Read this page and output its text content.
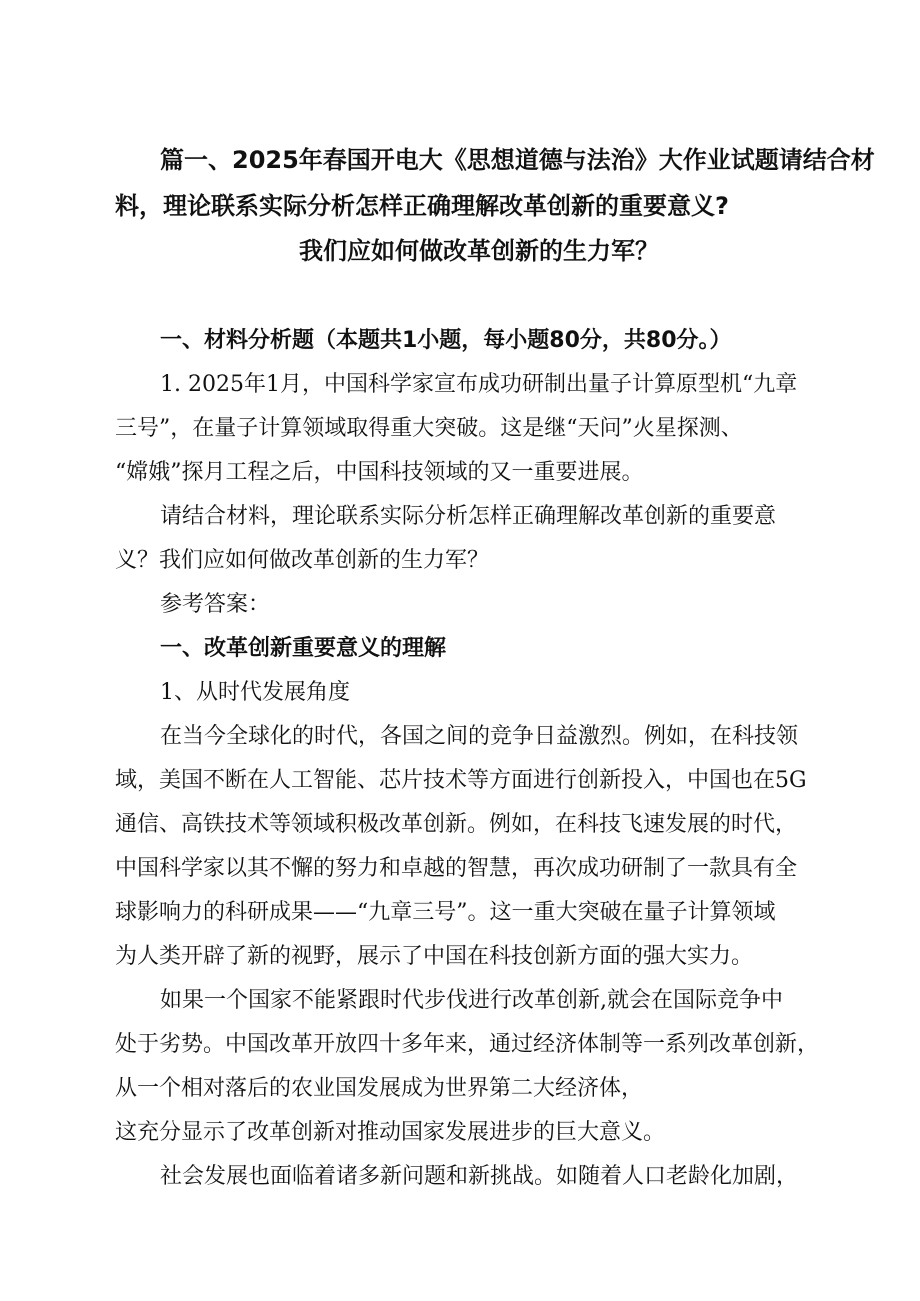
篇一、2025年春国开电大《思想道德与法治》大作业试题请结合材
料，理论联系实际分析怎样正确理解改革创新的重要意义?
我们应如何做改革创新的生力军？
一、材料分析题（本题共1小题，每小题80分，共80分。）
1. 2025年1月，中国科学家宣布成功研制出量子计算原型机“九章
三号”，在量子计算领域取得重大突破。这是继“天问”火星探测、
“嫦娥”探月工程之后，中国科技领域的又一重要进展。
请结合材料，理论联系实际分析怎样正确理解改革创新的重要意
义？我们应如何做改革创新的生力军？
参考答案：
一、改革创新重要意义的理解
1、从时代发展角度
在当今全球化的时代，各国之间的竞争日益激烈。例如，在科技领
域，美国不断在人工智能、芯片技术等方面进行创新投入，中国也在5G
通信、高铁技术等领域积极改革创新。例如，在科技飞速发展的时代，
中国科学家以其不懈的努力和卓越的智慧，再次成功研制了一款具有全
球影响力的科研成果——“九章三号”。这一重大突破在量子计算领域
为人类开辟了新的视野，展示了中国在科技创新方面的强大实力。
如果一个国家不能紧跟时代步伐进行改革创新,就会在国际竞争中
处于劣势。中国改革开放四十多年来，通过经济体制等一系列改革创新，
从一个相对落后的农业国发展成为世界第二大经济体，
这充分显示了改革创新对推动国家发展进步的巨大意义。
社会发展也面临着诸多新问题和新挑战。如随着人口老龄化加剧，
